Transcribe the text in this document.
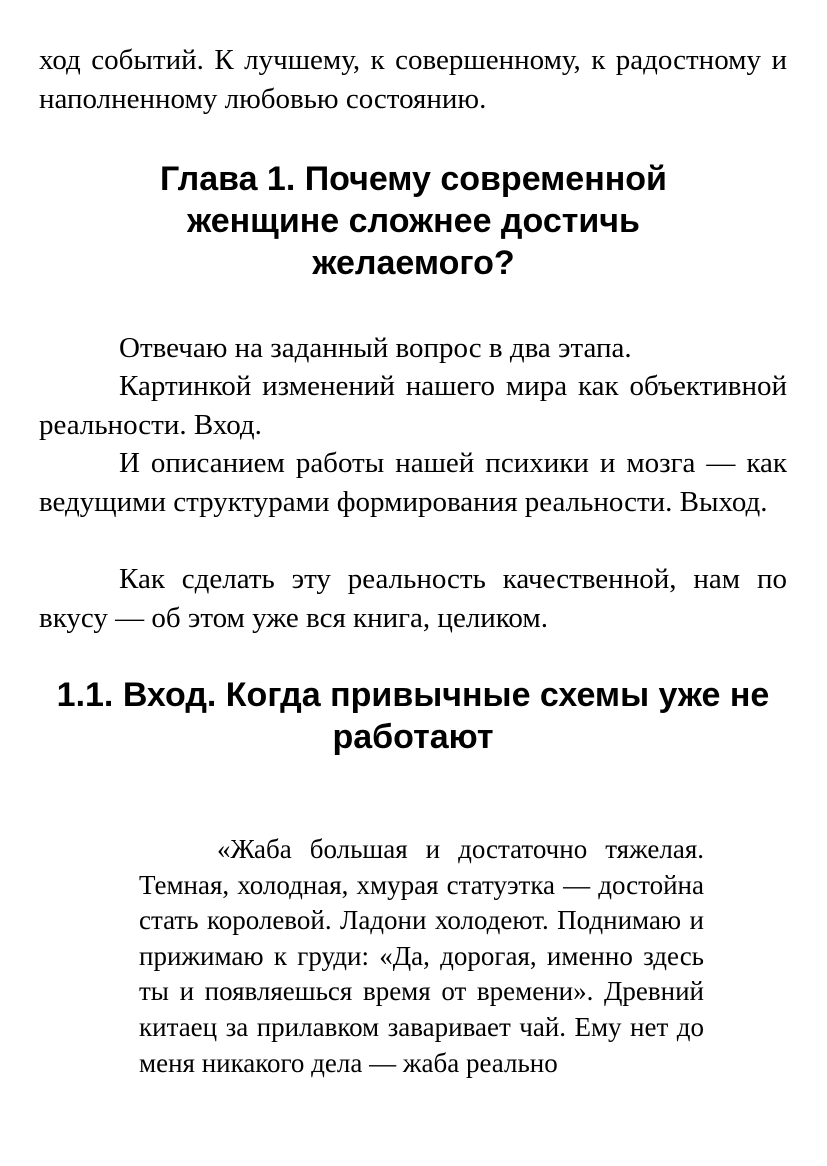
ход событий. К лучшему, к совершенному, к радостному и наполненному любовью состоянию.

Глава 1. Почему современной женщине сложнее достичь желаемого?

Отвечаю на заданный вопрос в два этапа.

Картинкой изменений нашего мира как объективной реальности. Вход.

И описанием работы нашей психики и мозга — как ведущими структурами формирования реальности. Выход.

Как сделать эту реальность качественной, нам по вкусу — об этом уже вся книга, целиком.

1.1. Вход. Когда привычные схемы уже не работают

«Жаба большая и достаточно тяжелая. Темная, холодная, хмурая статуэтка — достойна стать королевой. Ладони холодеют. Поднимаю и прижимаю к груди: «Да, дорогая, именно здесь ты и появляешься время от времени». Древний китаец за прилавком заваривает чай. Ему нет до меня никакого дела — жаба реально
